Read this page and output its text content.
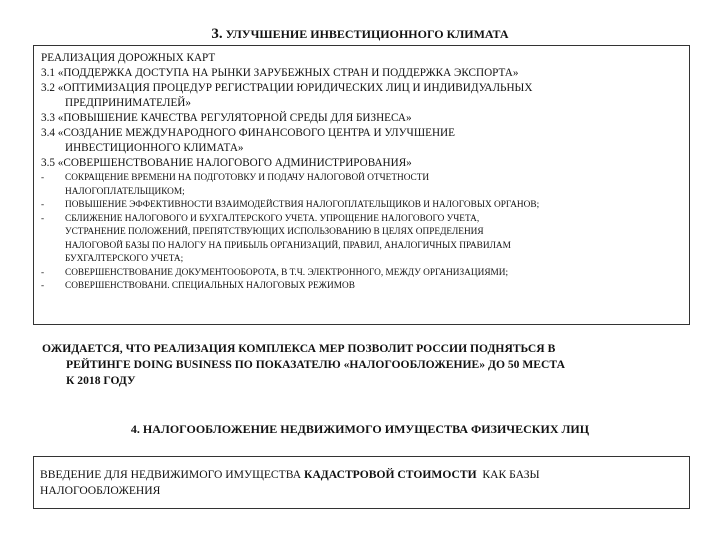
3. УЛУЧШЕНИЕ ИНВЕСТИЦИОННОГО КЛИМАТА
РЕАЛИЗАЦИЯ ДОРОЖНЫХ КАРТ
3.1 «ПОДДЕРЖКА ДОСТУПА НА РЫНКИ ЗАРУБЕЖНЫХ СТРАН И ПОДДЕРЖКА ЭКСПОРТА»
3.2 «ОПТИМИЗАЦИЯ ПРОЦЕДУР РЕГИСТРАЦИИ ЮРИДИЧЕСКИХ ЛИЦ И ИНДИВИДУАЛЬНЫХ
ПРЕДПРИНИМАТЕЛЕЙ»
3.3 «ПОВЫШЕНИЕ КАЧЕСТВА РЕГУЛЯТОРНОЙ СРЕДЫ ДЛЯ БИЗНЕСА»
3.4 «СОЗДАНИЕ МЕЖДУНАРОДНОГО ФИНАНСОВОГО ЦЕНТРА И УЛУЧШЕНИЕ
ИНВЕСТИЦИОННОГО КЛИМАТА»
3.5 «СОВЕРШЕНСТВОВАНИЕ НАЛОГОВОГО АДМИНИСТРИРОВАНИЯ»
-	СОКРАЩЕНИЕ ВРЕМЕНИ НА ПОДГОТОВКУ И ПОДАЧУ НАЛОГОВОЙ ОТЧЕТНОСТИ
НАЛОГОПЛАТЕЛЬЩИКОМ;
-	ПОВЫШЕНИЕ ЭФФЕКТИВНОСТИ ВЗАИМОДЕЙСТВИЯ НАЛОГОПЛАТЕЛЬЩИКОВ И НАЛОГОВЫХ ОРГАНОВ;
-	СБЛИЖЕНИЕ НАЛОГОВОГО И БУХГАЛТЕРСКОГО УЧЕТА. УПРОЩЕНИЕ НАЛОГОВОГО УЧЕТА,
УСТРАНЕНИЕ ПОЛОЖЕНИЙ, ПРЕПЯТСТВУЮЩИХ ИСПОЛЬЗОВАНИЮ В ЦЕЛЯХ ОПРЕДЕЛЕНИЯ
НАЛОГОВОЙ БАЗЫ ПО НАЛОГУ НА ПРИБЫЛЬ ОРГАНИЗАЦИЙ, ПРАВИЛ, АНАЛОГИЧНЫХ ПРАВИЛАМ
БУХГАЛТЕРСКОГО УЧЕТА;
-	СОВЕРШЕНСТВОВАНИЕ ДОКУМЕНТООБОРОТА, В Т.Ч. ЭЛЕКТРОННОГО, МЕЖДУ ОРГАНИЗАЦИЯМИ;
-	СОВЕРШЕНСТВОВАНИ. СПЕЦИАЛЬНЫХ НАЛОГОВЫХ РЕЖИМОВ
ОЖИДАЕТСЯ, ЧТО РЕАЛИЗАЦИЯ КОМПЛЕКСА МЕР ПОЗВОЛИТ РОССИИ ПОДНЯТЬСЯ В
РЕЙТИНГЕ DOING BUSINESS ПО ПОКАЗАТЕЛЮ «НАЛОГООБЛОЖЕНИЕ» ДО 50 МЕСТА
К 2018 ГОДУ
4. НАЛОГООБЛОЖЕНИЕ НЕДВИЖИМОГО ИМУЩЕСТВА ФИЗИЧЕСКИХ ЛИЦ
ВВЕДЕНИЕ ДЛЯ НЕДВИЖИМОГО ИМУЩЕСТВА КАДАСТРОВОЙ СТОИМОСТИ  КАК БАЗЫ
НАЛОГООБЛОЖЕНИЯ
